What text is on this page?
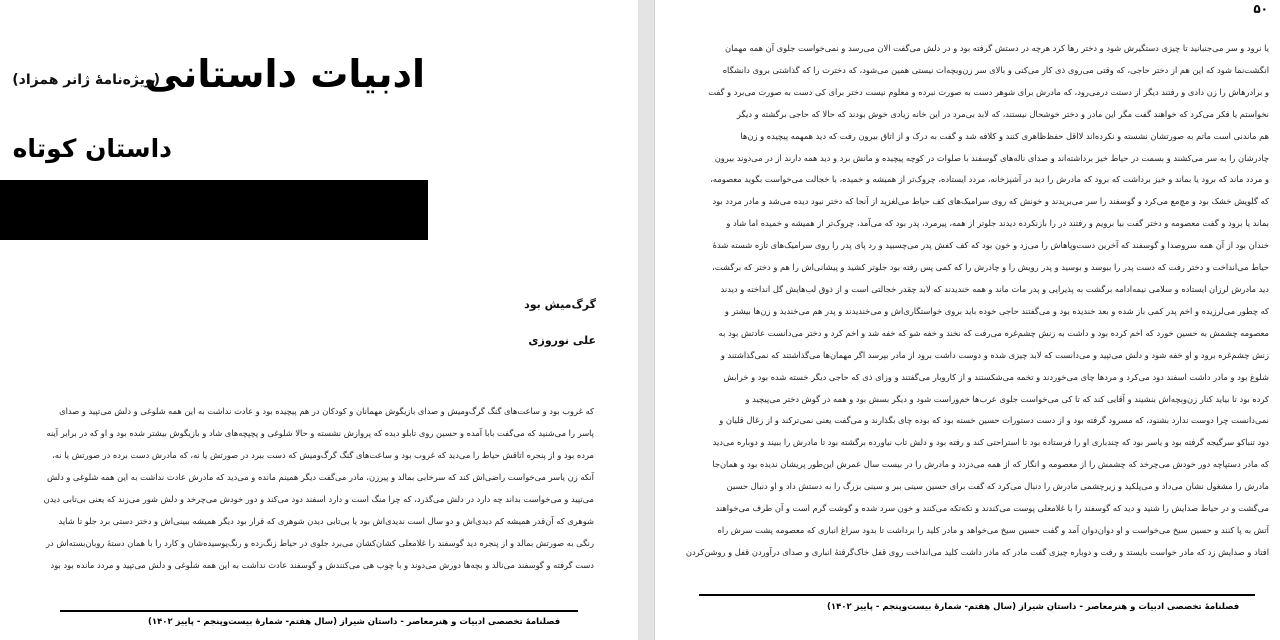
ادبیات داستانی
(ویژه‌نامهٔ ژانر همزاد)
داستان کوتاه
گرگ‌میش بود
علی نوروزی

که غروب بود و ساعت‌های گنگ گرگ‌ومیش و صدای بازیگوش مهمانان و کودکان در هم پیچیده بود و عادت نداشت به این همه شلوغی و دلش می‌تپید و صدای

پاسر را می‌شنید که می‌گفت بابا آمده و حسین روی تابلو دیده که پرواز‌ش نشسته و حالا شلوغی و پچپچه‌های شاد و بازیگوش بیشتر شده بود و او که در برابر آینه

مرده بود و از پنجره اتاقش حیاط را می‌دید که غروب بود و ساعت‌های گنگ گرگ‌ومیش که دست ببرد در صورتش یا نه، که مادرش دست برده در صورتش یا نه،

آنکه زن یاسر می‌خواست راضی‌اش کند که سرخابی بمالد و پیرزن، مادر می‌گفت دیگر همینم مانده و می‌دید که مادرش عادت نداشت به این همه شلوغی و دلش

می‌تپید و می‌خواست بداند چه دارد در دلش می‌گذرد، که چرا منگ است و دارد اسفند دود می‌کند و دور خودش می‌چرخد و دلش شور می‌زند که یعنی بی‌تابی دیدن

شوهری که آن‌قدر همیشه کم دیدی‌اش و دو سال است ندیدی‌اش بود یا بی‌تابی دیدن شوهری که قرار بود دیگر همیشه ببینی‌اش و دختر دستی برد جلو تا شاید

رنگی به صورتش بمالد و از پنجره دید گوسفند را غلامعلی کشان‌کشان می‌برد جلوی در حیاط زنگ‌زده و رنگ‌پوسیده‌شان و کارد را با همان دستهٔ روبان‌بسته‌اش در

دست گرفته و گوسفند می‌نالد و بچه‌ها دورش می‌دوند و با چوب هی می‌کنندش و گوسفند عادت نداشت به این همه شلوغی و دلش می‌تپید و مردد مانده بود بود

فصلنامهٔ تخصصی ادبیات و هنرمعاصر - داستان شیراز (سال هفتم- شمارهٔ بیست‌وپنجم - پاییز ۱۴۰۲)
۵۰

یا نرود و سر می‌جنبانید تا چیزی دستگیرش شود و دختر رها کرد هرچه در دستش گرفته بود و در دلش می‌گفت الان می‌رسد و نمی‌خواست جلوی آن همه مهمان

انگشت‌نما شود که این هم از دختر حاجی، که وقتی می‌روی ذی کار می‌کنی و بالای سر زن‌وبچه‌ات نیستی همین می‌شود، که دخترت را که گذاشتی بروی دانشگاه

و برادرهاش را زن دادی و رفتند دیگر از دستت درمی‌رود، که مادرش برای شوهر دست به صورت نبرده و معلوم نیست دختر برای کی دست به صورت می‌برد و گفت

نخواستم یا فکر می‌کرد که خواهند گفت مگر این مادر و دختر خوشحال نیستند، که لابد بی‌مرد در این خانه زیادی خوش بودند که حالا که حاجی برگشته و دیگر

هم ماندنی است ماتم به صورتشان نشسته و نکرده‌اند لااقل حفظ‌ظاهری کنند و کلافه شد و گفت به درک و از اتاق بیرون رفت که دید همهمه پیچیده و زن‌ها

چادرشان را به سر می‌کشند و بسمت در حیاط خیز برداشته‌اند و صدای ناله‌های گوسفند با صلوات در کوچه پیچیده و مانش برد و دید همه دارند از در می‌دوند بیرون

و مردد ماند که برود یا بماند و خیز برداشت که برود که مادرش را دید در آشپزخانه، مردد ایستاده، چروک‌تر از همیشه و خمیده، با خجالت می‌خواست بگوید معصومه،

که گلویش خشک بود و مچ‌مع می‌کرد و گوسفند را سر می‌بریدند و خونش که روی سرامیک‌های کف حیاط می‌لغزید از آنجا که دختر نبود دیده می‌شد و مادر مردد بود

بماند یا برود و گفت معصومه و دختر گفت بیا برویم و رفتند در را بازنکرده دیدند جلوتر از همه، پیرمرد، پدر بود که می‌آمد، چروک‌تر از همیشه و خمیده اما شاد و

خندان بود از آن همه سروصدا و گوسفند که آخرین دست‌وپاهاش را می‌زد و خون بود که کف کفش پدر می‌چسبید و رد پای پدر را روی سرامیک‌های تازه شسته شدهٔ

حیاط می‌انداخت و دختر رفت که دست پدر را ببوسد و بوسید و پدر رویش را و چادرش را که کمی پس رفته بود جلوتر کشید و پیشانی‌اش را هم و دختر که برگشت،

دید مادرش لرزان ایستاده و سلامی نیمه‌ادامه برگشت به پذیرایی و پدر مات ماند و همه خندیدند که لابد چقدر خجالتی است و از ذوق لب‌هایش گل انداخته و دیدند

که چطور می‌لرزیده و اخم پدر کمی باز شده و بعد خندیده بود و می‌گفتند حاجی خوده باید بروی خواستگاری‌اش و می‌خندیدند و پدر هم می‌خندید و زن‌ها بیشتر و

معصومه چشمش به حسین خورد که اخم کرده بود و داشت به زنش چشم‌غره می‌رفت که نخند و خفه شو که خفه شد و اخم کرد و دختر می‌دانست عادتش بود به

زنش چشم‌غره برود و او خفه شود و دلش می‌تپید و می‌دانست که لابد چیزی شده و دوست داشت برود از مادر بپرسد اگر مهمان‌ها می‌گذاشتند که نمی‌گذاشتند و

شلوغ بود و مادر داشت اسفند دود می‌کرد و مردها چای می‌خوردند و تخمه می‌شکستند و از کاروبار می‌گفتند و وزای ذی که حاجی دیگر خسته شده بود و خرابش

کرده بود تا بیاید کنار زن‌وبچه‌اش بنشیند و آقایی کند که تا کی می‌خواست جلوی عرب‌ها خم‌وراست شود و دیگر بسش بود و همه در گوش دختر می‌پیچید و

نمی‌دانست چرا دوست ندارد بشنود، که مسرود گرفته بود و از دست دستورات حسین خسته بود که بوده چای بگذارند و می‌گفت یعنی نمی‌ترکند و از زغال قلیان و

دود تنباکو سرگیجه گرفته بود و یاسر بود که چندباری او را فرستاده بود تا استراحتی کند و رفته بود و دلش تاب نیاورده برگشته بود تا مادرش را ببیند و دوباره می‌دید

که مادر دستپاچه دور خودش می‌چرخد که چشمش را از معصومه و انگار که از همه می‌دزدد و مادرش را در بیست سال عمرش این‌طور پریشان ندیده بود و همان‌جا

مادرش را مشغول نشان می‌داد و می‌پلکید و زیرچشمی مادرش را دنبال می‌کرد که گفت برای حسین سینی ببر و سینی بزرگ را به دستش داد و او دنبال حسین

می‌گشت و در حیاط صدایش را شنید و دید که گوسفند را با غلامعلی پوست می‌کندند و تکه‌تکه می‌کنند و خون سرد شده و گوشت گرم است و آن طرف می‌خواهند

آتش به پا کنند و حسین سیخ می‌خواست و او دوان‌دوان آمد و گفت حسین سیخ می‌خواهد و مادر کلید را برداشت تا بدود سراغ انباری که معصومه پشت سرش راه

افتاد و صدایش زد که مادر خواست بایستد و رفت و دوباره چیزی گفت مادر که مادر داشت کلید می‌انداخت روی قفل خاک‌گرفتهٔ انباری و صدای درآوردن قفل و روشن‌کردن

فصلنامهٔ تخصصی ادبیات و هنرمعاصر - داستان شیراز (سال هفتم- شمارهٔ بیست‌وپنجم - پاییز ۱۴۰۲)
